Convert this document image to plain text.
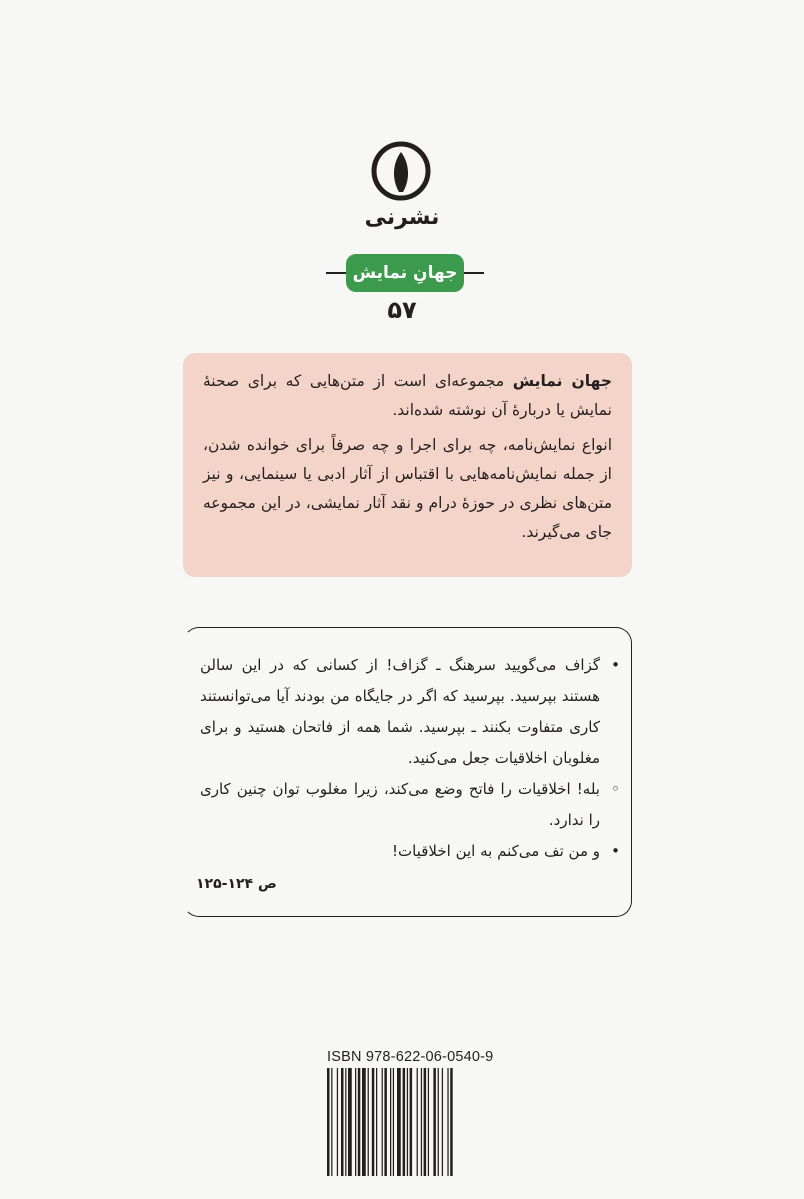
نشرنی
جهانِ نمایش
۵۷

جهان نمایش مجموعه‌ای است از متن‌هایی که برای صحنهٔ نمایش یا دربارهٔ آن نوشته شده‌اند.

انواع نمایش‌نامه، چه برای اجرا و چه صرفاً برای خوانده شدن، از جمله نمایش‌نامه‌هایی با اقتباس از آثار ادبی یا سینمایی، و نیز متن‌های نظری در حوزهٔ درام و نقد آثار نمایشی، در این مجموعه جای می‌گیرند.

•
گزاف می‌گویید سرهنگ ـ گزاف! از کسانی که در این سالن هستند بپرسید. بپرسید که اگر در جایگاه من بودند آیا می‌توانستند کاری متفاوت بکنند ـ بپرسید. شما همه از فاتحان هستید و برای مغلوبان اخلاقیات جعل می‌کنید.
◦
بله! اخلاقیات را فاتح وضع می‌کند، زیرا مغلوب توان چنین کاری را ندارد.
•
و من تف می‌کنم به این اخلاقیات!
ص ۱۲۴-۱۲۵
ISBN 978-622-06-0540-9
